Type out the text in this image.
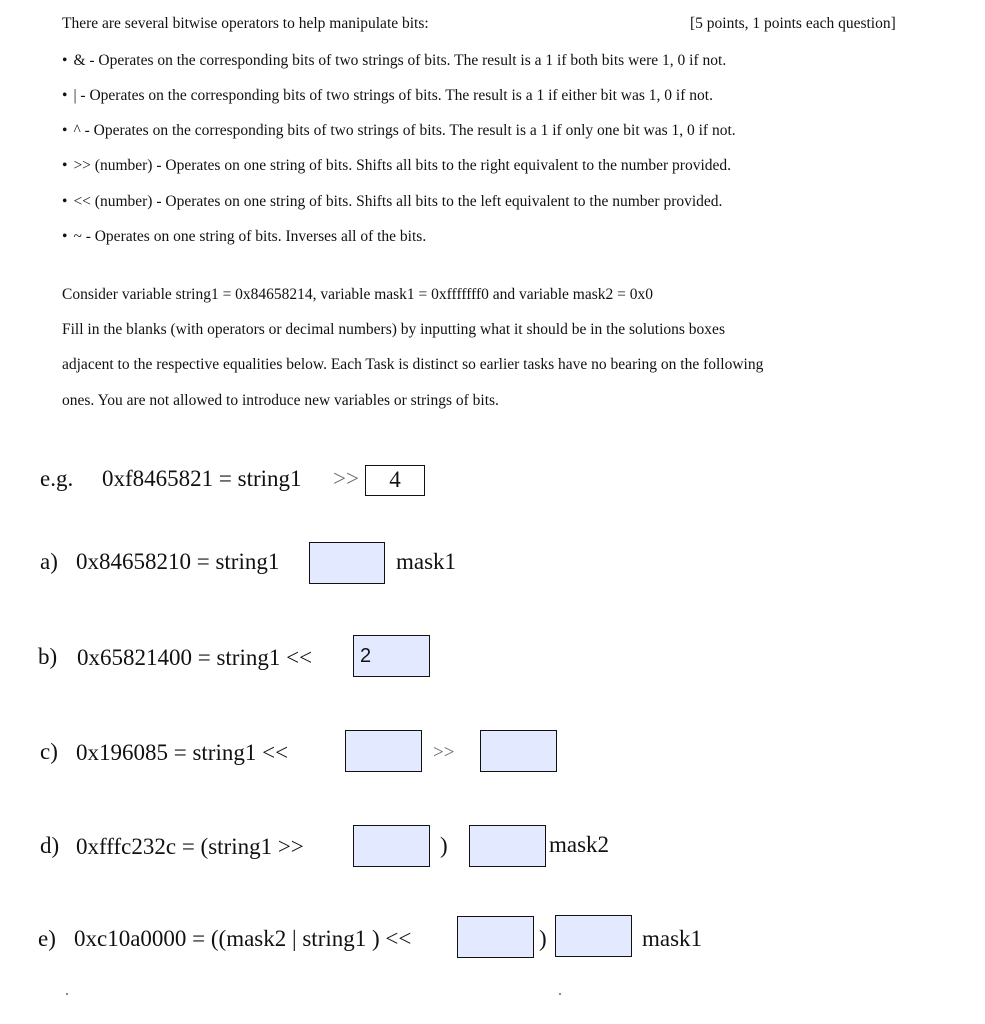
There are several bitwise operators to help manipulate bits:	[5 points, 1 points each question]
• & - Operates on the corresponding bits of two strings of bits. The result is a 1 if both bits were 1, 0 if not.
• | - Operates on the corresponding bits of two strings of bits. The result is a 1 if either bit was 1, 0 if not.
• ^ - Operates on the corresponding bits of two strings of bits. The result is a 1 if only one bit was 1, 0 if not.
• >> (number) - Operates on one string of bits. Shifts all bits to the right equivalent to the number provided.
• << (number) - Operates on one string of bits. Shifts all bits to the left equivalent to the number provided.
• ~ - Operates on one string of bits. Inverses all of the bits.
Consider variable string1 = 0x84658214, variable mask1 = 0xfffffff0 and variable mask2 = 0x0
Fill in the blanks (with operators or decimal numbers) by inputting what it should be in the solutions boxes
adjacent to the respective equalities below. Each Task is distinct so earlier tasks have no bearing on the following
ones. You are not allowed to introduce new variables or strings of bits.
e.g. 0xf8465821 = string1 >>	4
a) 0x84658210 = string1	mask1
b) 0x65821400 = string1 <<
2
c) 0x196085 = string1 <<	>>
d) 0xfffc232c = (string1 >>	)	mask2
e) 0xc10a0000 = ((mask2 | string1 ) <<	)	mask1
